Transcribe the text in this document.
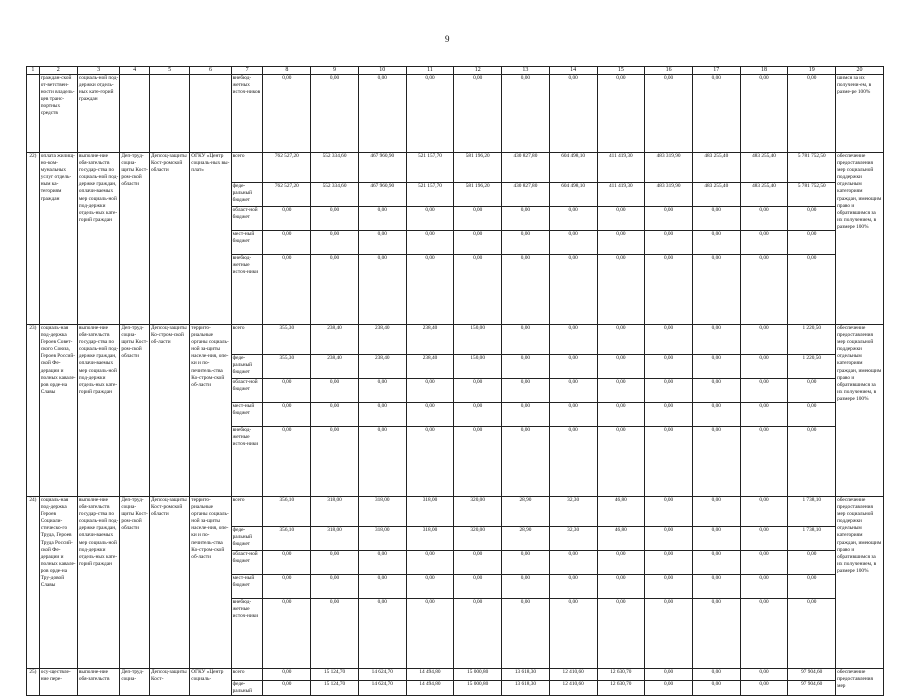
9
1	2	3	4	5	6	7	8	9	10	11	12	13	14	15	16	17	18	19	20
	граждан-ской от-ветствен-ности владель-цев транс-портных средств	социаль-ной под-держки отдель-ных кате-горий граждан				внебюд-жетных источ-ников	0,00	0,00	0,00	0,00	0,00	0,00	0,00	0,00	0,00	0,00	0,00	0,00	шимся за их получени-ем, в разме-ре 100%
22)	оплата жилищ-но-ком-мунальных услуг отдель-ным ка-тегориям граждан	выполне-ние обя-зательств государ-ства по социаль-ной под-держке граждан, оплачи-ваемых мер социаль-ной под-держки отдель-ных кате-горий граждан	Деп-труд-социа-щиты Кост-ром-ской области	Депсоц-защиты Кост-ромской области	ОГКУ «Центр социаль-ных вы-плат»	всего	762 527,20	552 334,60	467 960,90	521 157,70	581 196,20	430 827,80	604 498,10	411 419,30	483 319,90	483 255,40	483 255,40	5 781 752,50	обеспечение предоставления мер социальной поддержки отдельным категориям граждан, имеющим право и обратившимся за их получением, в размере 100%
						феде-ральный бюджет	762 527,20	552 334,60	467 960,90	521 157,70	581 196,20	430 827,80	604 498,10	411 419,30	483 319,90	483 255,40	483 255,40	5 781 752,50	
						област-ной бюджет	0,00	0,00	0,00	0,00	0,00	0,00	0,00	0,00	0,00	0,00	0,00	0,00	
						мест-ный бюджет	0,00	0,00	0,00	0,00	0,00	0,00	0,00	0,00	0,00	0,00	0,00	0,00	
						внебюд-жетные источ-ники	0,00	0,00	0,00	0,00	0,00	0,00	0,00	0,00	0,00	0,00	0,00	0,00	
23)	социаль-ная под-держка Героев Совет-ского Союза, Героев Россий-ской Фе-дерации и полных кавале-ров орде-на Славы	выполне-ние обя-зательств государ-ства по социаль-ной под-держке граждан, оплачи-ваемых мер социаль-ной под-держки отдель-ных кате-горий граждан	Деп-труд-социа-щиты Кост-ром-ской области	Депсоц-защиты Ко-стром-ской об-ласти	террито-риальные органы социаль-ной за-щиты населе-ния, опе-ки и по-печитель-ства Ко-стром-ской об-ласти	всего	355,30	238,40	238,40	238,40	150,00	0,00	0,00	0,00	0,00	0,00	0,00	1 220,50	обеспечение предоставления мер социальной поддержки отдельным категориям граждан, имеющим право и обратившимся за их получением, в размере 100%
						феде-ральный бюджет	355,30	238,40	238,40	238,40	150,00	0,00	0,00	0,00	0,00	0,00	0,00	1 220,50	
						област-ной бюджет	0,00	0,00	0,00	0,00	0,00	0,00	0,00	0,00	0,00	0,00	0,00	0,00	
						мест-ный бюджет	0,00	0,00	0,00	0,00	0,00	0,00	0,00	0,00	0,00	0,00	0,00	0,00	
						внебюд-жетные источ-ники	0,00	0,00	0,00	0,00	0,00	0,00	0,00	0,00	0,00	0,00	0,00	0,00	
24)	социаль-ная под-держка Героев Социали-стическо-го Труда, Героев Труда Россий-ской Фе-дерации и полных кавале-ров орде-на Тру-довой Славы	выполне-ние обя-зательств государ-ства по социаль-ной под-держке граждан, оплачи-ваемых мер социаль-ной под-держки отдель-ных кате-горий граждан	Деп-труд-социа-щиты Кост-ром-ской области	Депсоц-защиты Кост-ромской области	террито-риальные органы социаль-ной за-щиты населе-ния, опе-ки и по-печитель-ства Ко-стром-ской об-ласти	всего	356,10	318,00	318,00	318,00	320,00	28,90	32,30	46,80	0,00	0,00	0,00	1 738,10	обеспечение предоставления мер социальной поддержки отдельным категориям граждан, имеющим право и обратившимся за их получением, в размере 100%
						феде-ральный бюджет	356,10	318,00	318,00	318,00	320,00	28,90	32,30	46,80	0,00	0,00	0,00	1 738,10	
						област-ной бюджет	0,00	0,00	0,00	0,00	0,00	0,00	0,00	0,00	0,00	0,00	0,00	0,00	
						мест-ный бюджет	0,00	0,00	0,00	0,00	0,00	0,00	0,00	0,00	0,00	0,00	0,00	0,00	
						внебюд-жетные источ-ники	0,00	0,00	0,00	0,00	0,00	0,00	0,00	0,00	0,00	0,00	0,00	0,00	
25)	осу-ществле-ние пере-	выполне-ние обя-зательств	Деп-труд-социа-	Депсоц-защиты Кост-	ОГКУ «Центр социаль-	всего	0,00	15 124,70	14 624,70	14 494,80	15 000,80	13 618,30	12 410,60	12 630,70	0,00	0,00	0,00	97 904,60	обеспечение предоставления мер
						феде-ральный	0,00	15 124,70	14 624,70	14 494,80	15 000,80	13 618,30	12 410,60	12 630,70	0,00	0,00	0,00	97 904,60	
